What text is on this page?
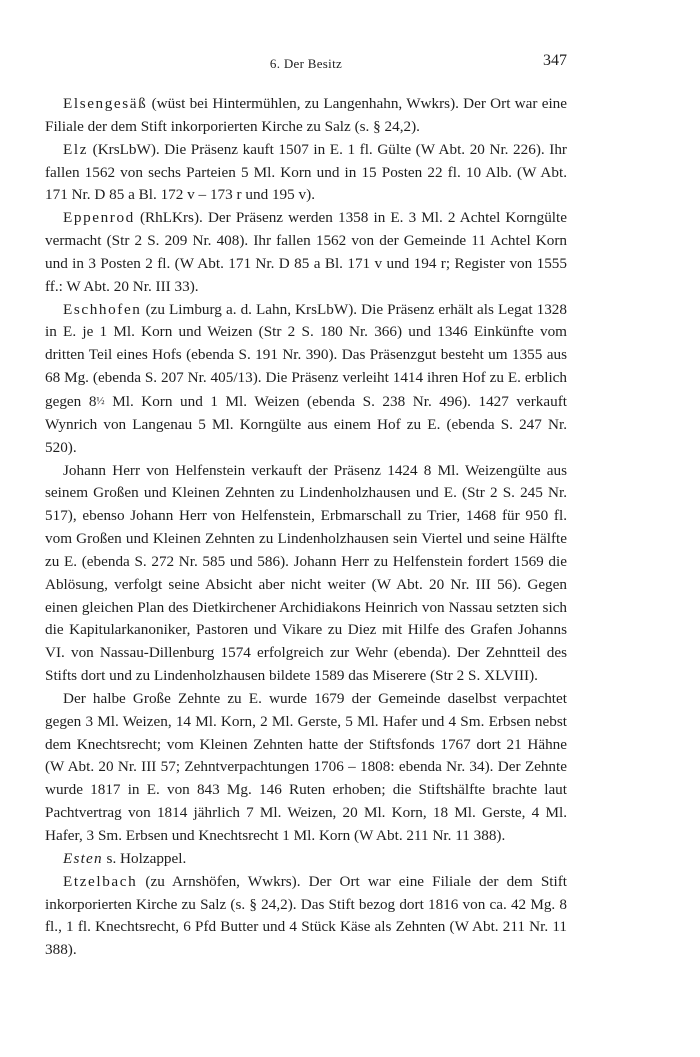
6. Der Besitz	347

Elsengesäß (wüst bei Hintermühlen, zu Langenhahn, Wwkrs). Der Ort war eine Filiale der dem Stift inkorporierten Kirche zu Salz (s. § 24,2).

Elz (KrsLbW). Die Präsenz kauft 1507 in E. 1 fl. Gülte (W Abt. 20 Nr. 226). Ihr fallen 1562 von sechs Parteien 5 Ml. Korn und in 15 Posten 22 fl. 10 Alb. (W Abt. 171 Nr. D 85 a Bl. 172 v – 173 r und 195 v).

Eppenrod (RhLKrs). Der Präsenz werden 1358 in E. 3 Ml. 2 Achtel Korngülte vermacht (Str 2 S. 209 Nr. 408). Ihr fallen 1562 von der Gemeinde 11 Achtel Korn und in 3 Posten 2 fl. (W Abt. 171 Nr. D 85 a Bl. 171 v und 194 r; Register von 1555 ff.: W Abt. 20 Nr. III 33).

Eschhofen (zu Limburg a. d. Lahn, KrsLbW). Die Präsenz erhält als Legat 1328 in E. je 1 Ml. Korn und Weizen (Str 2 S. 180 Nr. 366) und 1346 Einkünfte vom dritten Teil eines Hofs (ebenda S. 191 Nr. 390). Das Präsenzgut besteht um 1355 aus 68 Mg. (ebenda S. 207 Nr. 405/13). Die Präsenz verleiht 1414 ihren Hof zu E. erblich gegen 8½ Ml. Korn und 1 Ml. Weizen (ebenda S. 238 Nr. 496). 1427 verkauft Wynrich von Langenau 5 Ml. Korngülte aus einem Hof zu E. (ebenda S. 247 Nr. 520).

Johann Herr von Helfenstein verkauft der Präsenz 1424 8 Ml. Weizengülte aus seinem Großen und Kleinen Zehnten zu Lindenholzhausen und E. (Str 2 S. 245 Nr. 517), ebenso Johann Herr von Helfenstein, Erbmarschall zu Trier, 1468 für 950 fl. vom Großen und Kleinen Zehnten zu Lindenholzhausen sein Viertel und seine Hälfte zu E. (ebenda S. 272 Nr. 585 und 586). Johann Herr zu Helfenstein fordert 1569 die Ablösung, verfolgt seine Absicht aber nicht weiter (W Abt. 20 Nr. III 56). Gegen einen gleichen Plan des Dietkirchener Archidiakons Heinrich von Nassau setzten sich die Kapitularkanoniker, Pastoren und Vikare zu Diez mit Hilfe des Grafen Johanns VI. von Nassau-Dillenburg 1574 erfolgreich zur Wehr (ebenda). Der Zehntteil des Stifts dort und zu Lindenholzhausen bildete 1589 das Miserere (Str 2 S. XLVIII).

Der halbe Große Zehnte zu E. wurde 1679 der Gemeinde daselbst verpachtet gegen 3 Ml. Weizen, 14 Ml. Korn, 2 Ml. Gerste, 5 Ml. Hafer und 4 Sm. Erbsen nebst dem Knechtsrecht; vom Kleinen Zehnten hatte der Stiftsfonds 1767 dort 21 Hähne (W Abt. 20 Nr. III 57; Zehntverpachtungen 1706 – 1808: ebenda Nr. 34). Der Zehnte wurde 1817 in E. von 843 Mg. 146 Ruten erhoben; die Stiftshälfte brachte laut Pachtvertrag von 1814 jährlich 7 Ml. Weizen, 20 Ml. Korn, 18 Ml. Gerste, 4 Ml. Hafer, 3 Sm. Erbsen und Knechtsrecht 1 Ml. Korn (W Abt. 211 Nr. 11 388).

Esten s. Holzappel.

Etzelbach (zu Arnshöfen, Wwkrs). Der Ort war eine Filiale der dem Stift inkorporierten Kirche zu Salz (s. § 24,2). Das Stift bezog dort 1816 von ca. 42 Mg. 8 fl., 1 fl. Knechtsrecht, 6 Pfd Butter und 4 Stück Käse als Zehnten (W Abt. 211 Nr. 11 388).
